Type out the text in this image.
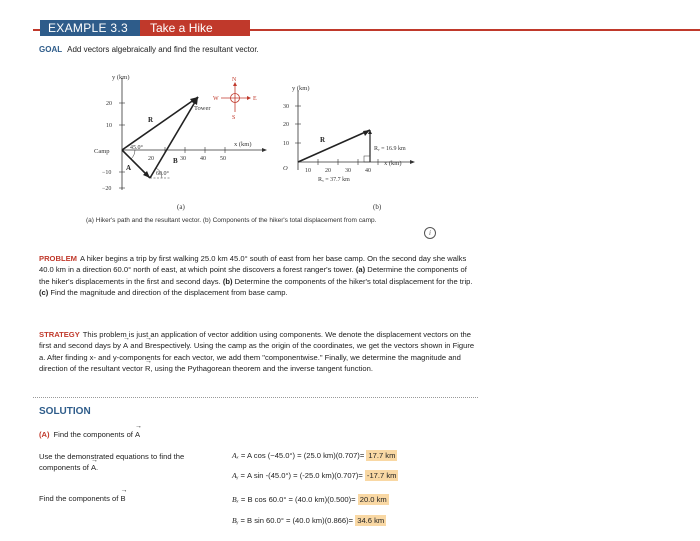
EXAMPLE 3.3	Take a Hike
GOAL Add vectors algebraically and find the resultant vector.
y (km)
x (km)
20
10
−10
−20
20	30 40 50
Camp
Tower
45.0°
60.0°
A
B
R
N
S
E
W
(a)
y (km)
x (km)
30
20
10
10 20 30 40
O
R
Rᵧ = 16.9 km
Rₓ = 37.7 km
(b)
(a) Hiker's path and the resultant vector. (b) Components of the hiker's total displacement from camp.
i
PROBLEM A hiker begins a trip by first walking 25.0 km 45.0° south of east from her base camp. On the second day she walks 40.0 km in a direction 60.0° north of east, at which point she discovers a forest ranger's tower. (a) Determine the components of the hiker's displacements in the first and second days. (b) Determine the components of the hiker's total displacement for the trip. (c) Find the magnitude and direction of the displacement from base camp.
STRATEGY This problem is just an application of vector addition using components. We denote the displacement vectors on the first and second days by → A and → Brespectively. Using the camp as the origin of the coordinates, we get the vectors shown in Figure a. After finding x- and y-components for each vector, we add them "componentwise." Finally, we determine the magnitude and direction of the resultant vector → R, using the Pythagorean theorem and the inverse tangent function.
SOLUTION
(A) Find the components of → A
Use the demonstrated equations to find the components of → A.
Find the components of → B
Aₓ = A cos (−45.0°) = (25.0 km)(0.707)= 17.7 km
Aᵧ = A sin -(45.0°) = (-25.0 km)(0.707)= -17.7 km
Bₓ = B cos 60.0° = (40.0 km)(0.500)= 20.0 km
Bᵧ = B sin 60.0° = (40.0 km)(0.866)= 34.6 km
